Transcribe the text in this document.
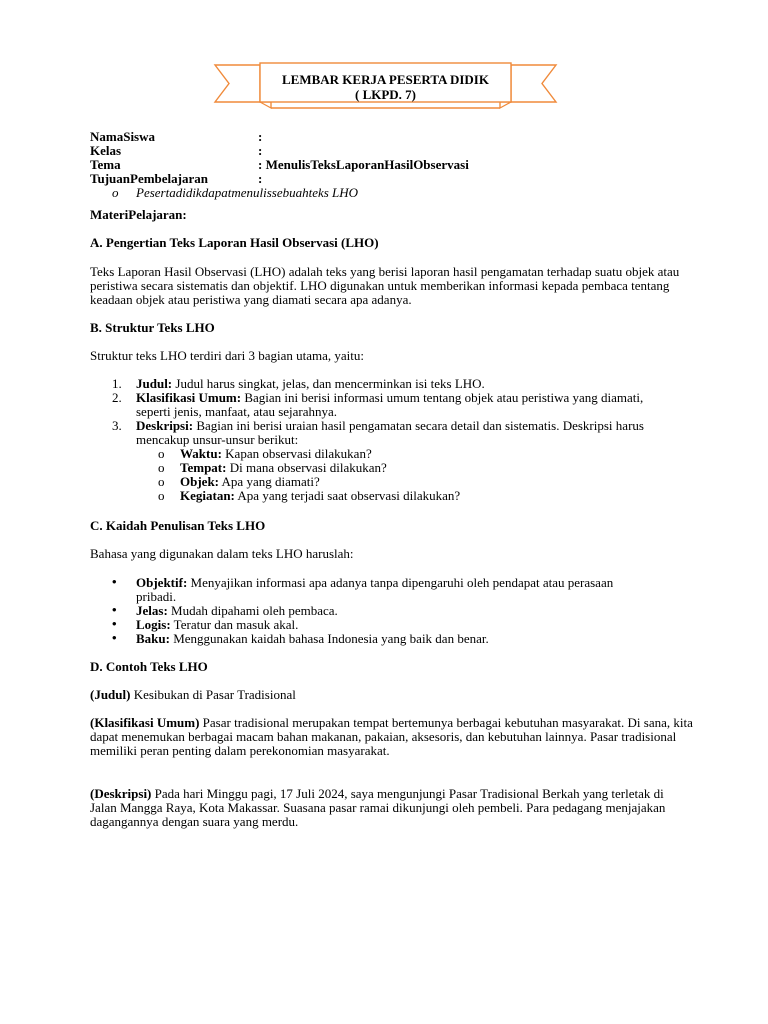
LEMBAR KERJA PESERTA DIDIK
( LKPD. 7)
NamaSiswa	:
Kelas	:
Tema	: MenulisTeksLaporanHasilObservasi
TujuanPembelajaran	:
o Pesertadidikdapatmenulissebuahteks LHO

MateriPelajaran:

A. Pengertian Teks Laporan Hasil Observasi (LHO)

Teks Laporan Hasil Observasi (LHO) adalah teks yang berisi laporan hasil pengamatan terhadap suatu objek atau peristiwa secara sistematis dan objektif. LHO digunakan untuk memberikan informasi kepada pembaca tentang keadaan objek atau peristiwa yang diamati secara apa adanya.

B. Struktur Teks LHO

Struktur teks LHO terdiri dari 3 bagian utama, yaitu:

1. Judul: Judul harus singkat, jelas, dan mencerminkan isi teks LHO.
2. Klasifikasi Umum: Bagian ini berisi informasi umum tentang objek atau peristiwa yang diamati, seperti jenis, manfaat, atau sejarahnya.
3. Deskripsi: Bagian ini berisi uraian hasil pengamatan secara detail dan sistematis. Deskripsi harus mencakup unsur-unsur berikut:
o Waktu: Kapan observasi dilakukan?
o Tempat: Di mana observasi dilakukan?
o Objek: Apa yang diamati?
o Kegiatan: Apa yang terjadi saat observasi dilakukan?

C. Kaidah Penulisan Teks LHO

Bahasa yang digunakan dalam teks LHO haruslah:

• Objektif: Menyajikan informasi apa adanya tanpa dipengaruhi oleh pendapat atau perasaan pribadi.
• Jelas: Mudah dipahami oleh pembaca.
• Logis: Teratur dan masuk akal.
• Baku: Menggunakan kaidah bahasa Indonesia yang baik dan benar.

D. Contoh Teks LHO

(Judul) Kesibukan di Pasar Tradisional

(Klasifikasi Umum) Pasar tradisional merupakan tempat bertemunya berbagai kebutuhan masyarakat. Di sana, kita dapat menemukan berbagai macam bahan makanan, pakaian, aksesoris, dan kebutuhan lainnya. Pasar tradisional memiliki peran penting dalam perekonomian masyarakat.

(Deskripsi) Pada hari Minggu pagi, 17 Juli 2024, saya mengunjungi Pasar Tradisional Berkah yang terletak di Jalan Mangga Raya, Kota Makassar. Suasana pasar ramai dikunjungi oleh pembeli. Para pedagang menjajakan dagangannya dengan suara yang merdu.
